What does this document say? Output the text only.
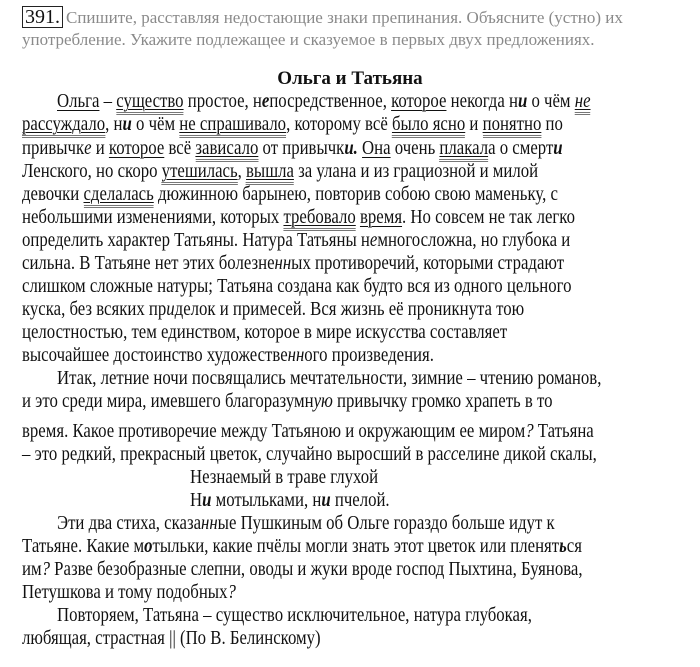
391. Спишите, расставляя недостающие знаки препинания. Объясните (устно) их
употребление. Укажите подлежащее и сказуемое в первых двух предложениях.
Ольга и Татьяна
Ольга – существо простое, непосредственное, которое некогда ни о чём не
рассуждало, ни о чём не спрашивало, которому всё было ясно и понятно по
привычке и которое всё зависало от привычки. Она очень плакала о смерти
Ленского, но скоро утешилась, вышла за улана и из грациозной и милой
девочки сделалась дюжинною барынею, повторив собою свою маменьку, с
небольшими изменениями, которых требовало время. Но совсем не так легко
определить характер Татьяны. Натура Татьяны немногосложна, но глубока и
сильна. В Татьяне нет этих болезненных противоречий, которыми страдают
слишком сложные натуры; Татьяна создана как будто вся из одного цельного
куска, без всяких приделок и примесей. Вся жизнь её проникнута тою
целостностью, тем единством, которое в мире искусства составляет
высочайшее достоинство художественного произведения.
Итак, летние ночи посвящались мечтательности, зимние – чтению романов,
и это среди мира, имевшего благоразумную привычку громко храпеть в то
время. Какое противоречие между Татьяною и окружающим ее миром? Татьяна
– это редкий, прекрасный цветок, случайно выросший в расселине дикой скалы,
Незнаемый в траве глухой
Ни мотыльками, ни пчелой.
Эти два стиха, сказанные Пушкиным об Ольге гораздо больше идут к
Татьяне. Какие мотыльки, какие пчёлы могли знать этот цветок или пленяться
им? Разве безобразные слепни, оводы и жуки вроде господ Пыхтина, Буянова,
Петушкова и тому подобных?
Повторяем, Татьяна – существо исключительное, натура глубокая,
любящая, страстная || (По В. Белинскому)
